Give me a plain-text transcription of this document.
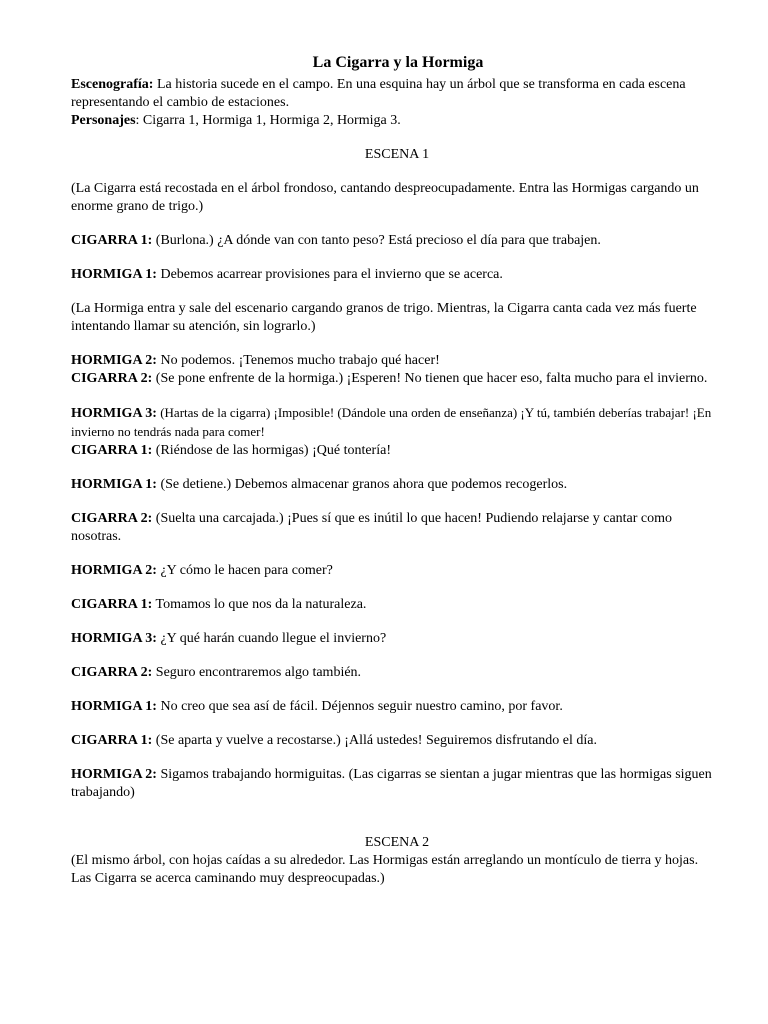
La Cigarra y la Hormiga

Escenografía: La historia sucede en el campo. En una esquina hay un árbol que se transforma en cada escena representando el cambio de estaciones.

Personajes: Cigarra 1, Hormiga 1, Hormiga 2, Hormiga 3.

ESCENA 1

(La Cigarra está recostada en el árbol frondoso, cantando despreocupadamente. Entra las Hormigas cargando un enorme grano de trigo.)

CIGARRA 1: (Burlona.) ¿A dónde van con tanto peso? Está precioso el día para que trabajen.

HORMIGA 1: Debemos acarrear provisiones para el invierno que se acerca.

(La Hormiga entra y sale del escenario cargando granos de trigo. Mientras, la Cigarra canta cada vez más fuerte intentando llamar su atención, sin lograrlo.)

HORMIGA 2: No podemos. ¡Tenemos mucho trabajo qué hacer!

CIGARRA 2: (Se pone enfrente de la hormiga.) ¡Esperen! No tienen que hacer eso, falta mucho para el invierno.

HORMIGA 3: (Hartas de la cigarra) ¡Imposible! (Dándole una orden de enseñanza) ¡Y tú, también deberías trabajar! ¡En invierno no tendrás nada para comer!

CIGARRA 1: (Riéndose de las hormigas) ¡Qué tontería!

HORMIGA 1: (Se detiene.) Debemos almacenar granos ahora que podemos recogerlos.

CIGARRA 2: (Suelta una carcajada.) ¡Pues sí que es inútil lo que hacen! Pudiendo relajarse y cantar como nosotras.

HORMIGA 2: ¿Y cómo le hacen para comer?

CIGARRA 1: Tomamos lo que nos da la naturaleza.

HORMIGA 3: ¿Y qué harán cuando llegue el invierno?

CIGARRA 2: Seguro encontraremos algo también.

HORMIGA 1: No creo que sea así de fácil. Déjennos seguir nuestro camino, por favor.

CIGARRA 1: (Se aparta y vuelve a recostarse.) ¡Allá ustedes! Seguiremos disfrutando el día.

HORMIGA 2: Sigamos trabajando hormiguitas. (Las cigarras se sientan a jugar mientras que las hormigas siguen trabajando)

ESCENA 2

(El mismo árbol, con hojas caídas a su alrededor. Las Hormigas están arreglando un montículo de tierra y hojas. Las Cigarra se acerca caminando muy despreocupadas.)
